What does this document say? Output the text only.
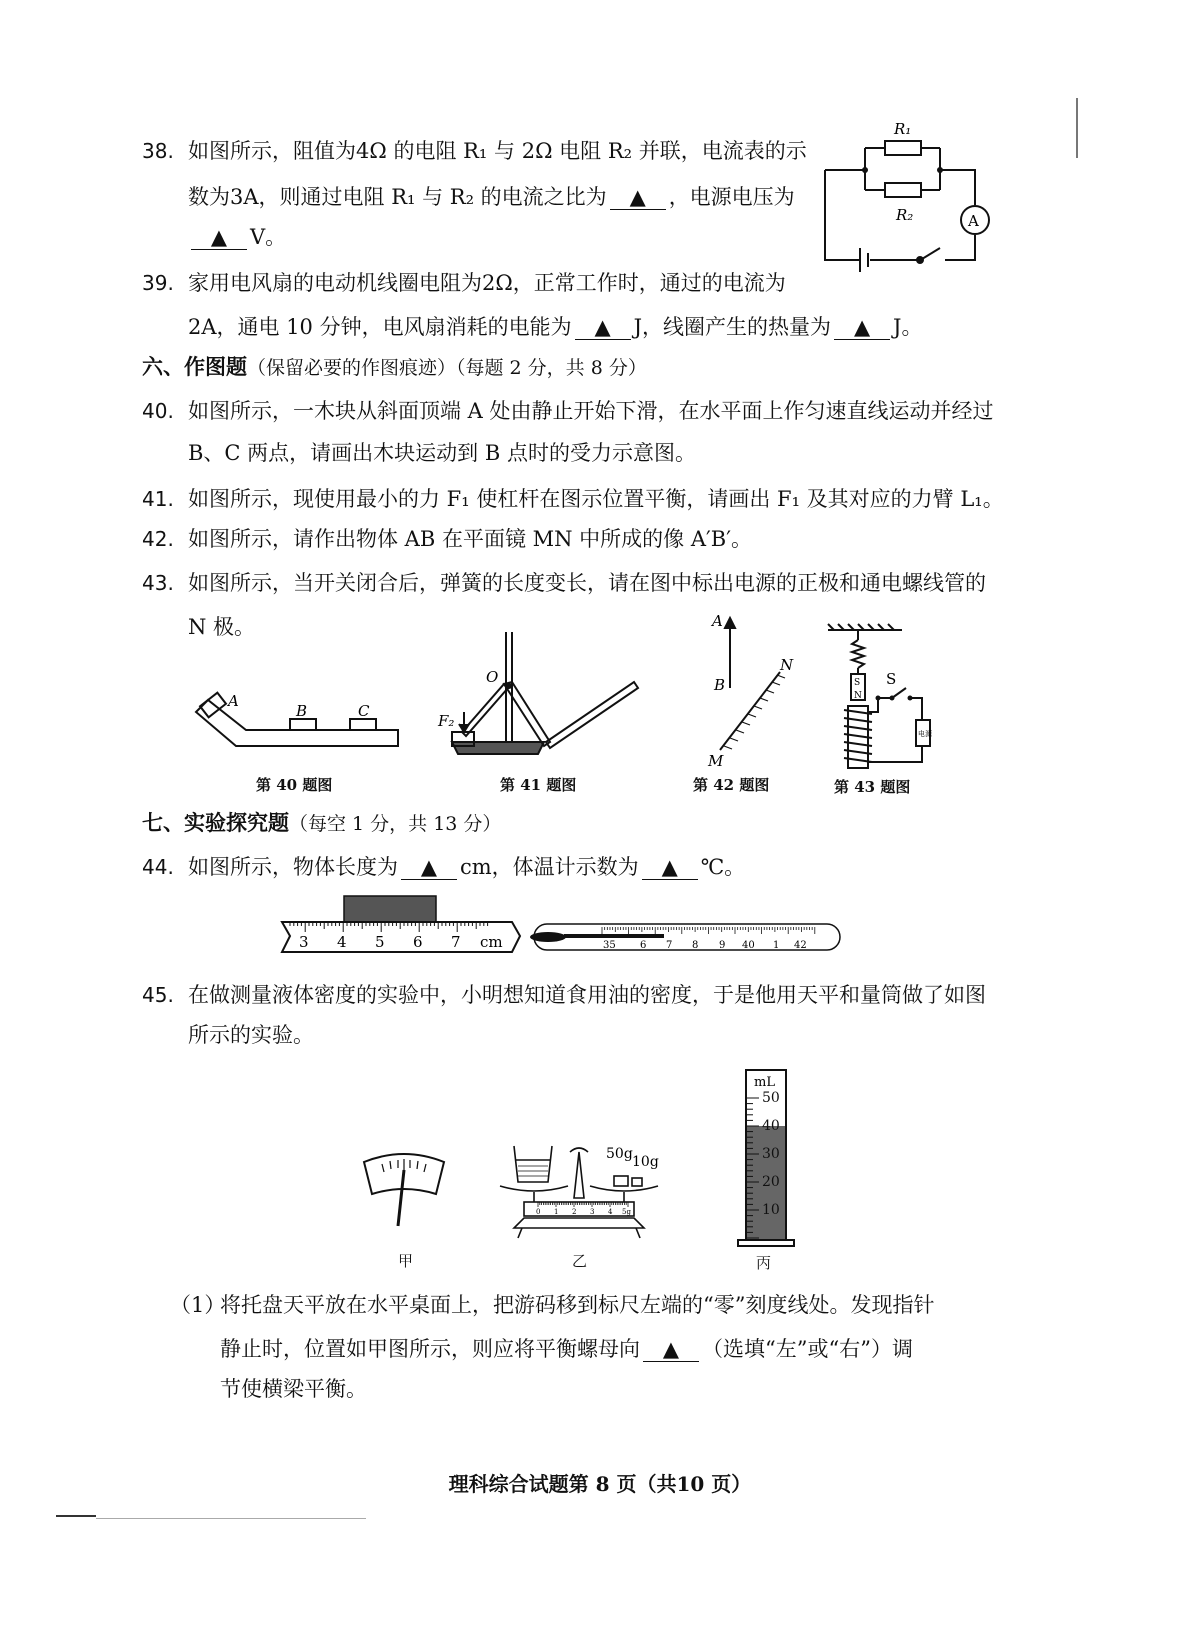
38. 如图所示，阻值为4Ω 的电阻 R₁ 与 2Ω 电阻 R₂ 并联，电流表的示
数为3A，则通过电阻 R₁ 与 R₂ 的电流之比为 ▲ ，电源电压为
▲ V。
R₁
R₂	A
39. 家用电风扇的电动机线圈电阻为2Ω，正常工作时，通过的电流为
2A，通电 10 分钟，电风扇消耗的电能为 ▲ J，线圈产生的热量为 ▲ J。
六、作图题（保留必要的作图痕迹）（每题 2 分，共 8 分）
40. 如图所示，一木块从斜面顶端 A 处由静止开始下滑，在水平面上作匀速直线运动并经过
B、C 两点，请画出木块运动到 B 点时的受力示意图。
41. 如图所示，现使用最小的力 F₁ 使杠杆在图示位置平衡，请画出 F₁ 及其对应的力臂 L₁。
42. 如图所示，请作出物体 AB 在平面镜 MN 中所成的像 A′B′。
43. 如图所示，当开关闭合后，弹簧的长度变长，请在图中标出电源的正极和通电螺线管的
N 极。
A
B	C
第 40 题图
O
F₂
第 41 题图
A
B
M
N
第 42 题图
S
N
S
电源
第 43 题图
七、实验探究题（每空 1 分，共 13 分）
44. 如图所示，物体长度为 ▲ cm，体温计示数为 ▲ ℃。
3 4 5 6 7 cm	35 6 7 8 9 40 1 42
45. 在做测量液体密度的实验中，小明想知道食用油的密度，于是他用天平和量筒做了如图
所示的实验。
甲
0 1 2 3 4 5g
50g 10g
乙
mL
50
40
30
20
10
丙
（1）将托盘天平放在水平桌面上，把游码移到标尺左端的“零”刻度线处。发现指针
静止时，位置如甲图所示，则应将平衡螺母向 ▲ （选填“左”或“右”）调
节使横梁平衡。
理科综合试题第 8 页（共10 页）
